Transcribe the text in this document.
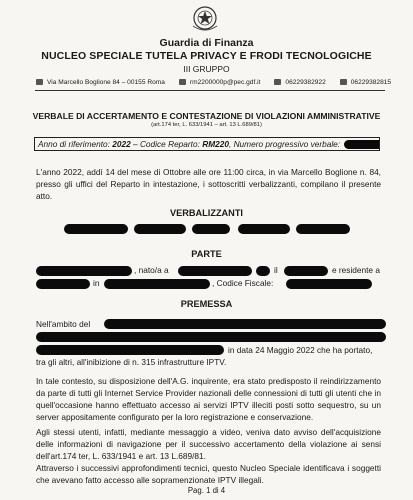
Guardia di Finanza
NUCLEO SPECIALE TUTELA PRIVACY E FRODI TECNOLOGICHE
III GRUPPO
Via Marcello Boglione 84 – 00155 Roma	rm2200000p@pec.gdf.it	06229382922	06229382815
VERBALE DI ACCERTAMENTO E CONTESTAZIONE DI VIOLAZIONI AMMINISTRATIVE
(art.174 ter, L. 633/1941 – art. 13 L.689/81)
Anno di riferimento: 2022 – Codice Reparto: RM220, Numero progressivo verbale:

L'anno 2022, addì 14 del mese di Ottobre alle ore 11:00 circa, in via Marcello Boglione n. 84, presso gli uffici del Reparto in intestazione, i sottoscritti verbalizzanti, compilano il presente atto.

VERBALIZZANTI
PARTE
, nato/a a	il	e residente a
in	, Codice Fiscale:
PREMESSA
Nell'ambito del
in data 24 Maggio 2022 che ha portato,
tra gli altri, all'inibizione di n. 315 infrastrutture IPTV.

In tale contesto, su disposizione dell'A.G. inquirente, era stato predisposto il reindirizzamento da parte di tutti gli Internet Service Provider nazionali delle connessioni di tutti gli utenti che in quell'occasione hanno effettuato accesso ai servizi IPTV illeciti posti sotto sequestro, su un server appositamente configurato per la loro registrazione e conservazione.

Agli stessi utenti, infatti, mediante messaggio a video, veniva dato avviso dell'acquisizione delle informazioni di navigazione per il successivo accertamento della violazione ai sensi dell'art.174 ter, L. 633/1941 e art. 13 L.689/81.

Attraverso i successivi approfondimenti tecnici, questo Nucleo Speciale identificava i soggetti che avevano fatto accesso alle sopramenzionate IPTV illegali.

Pag. 1 di 4
